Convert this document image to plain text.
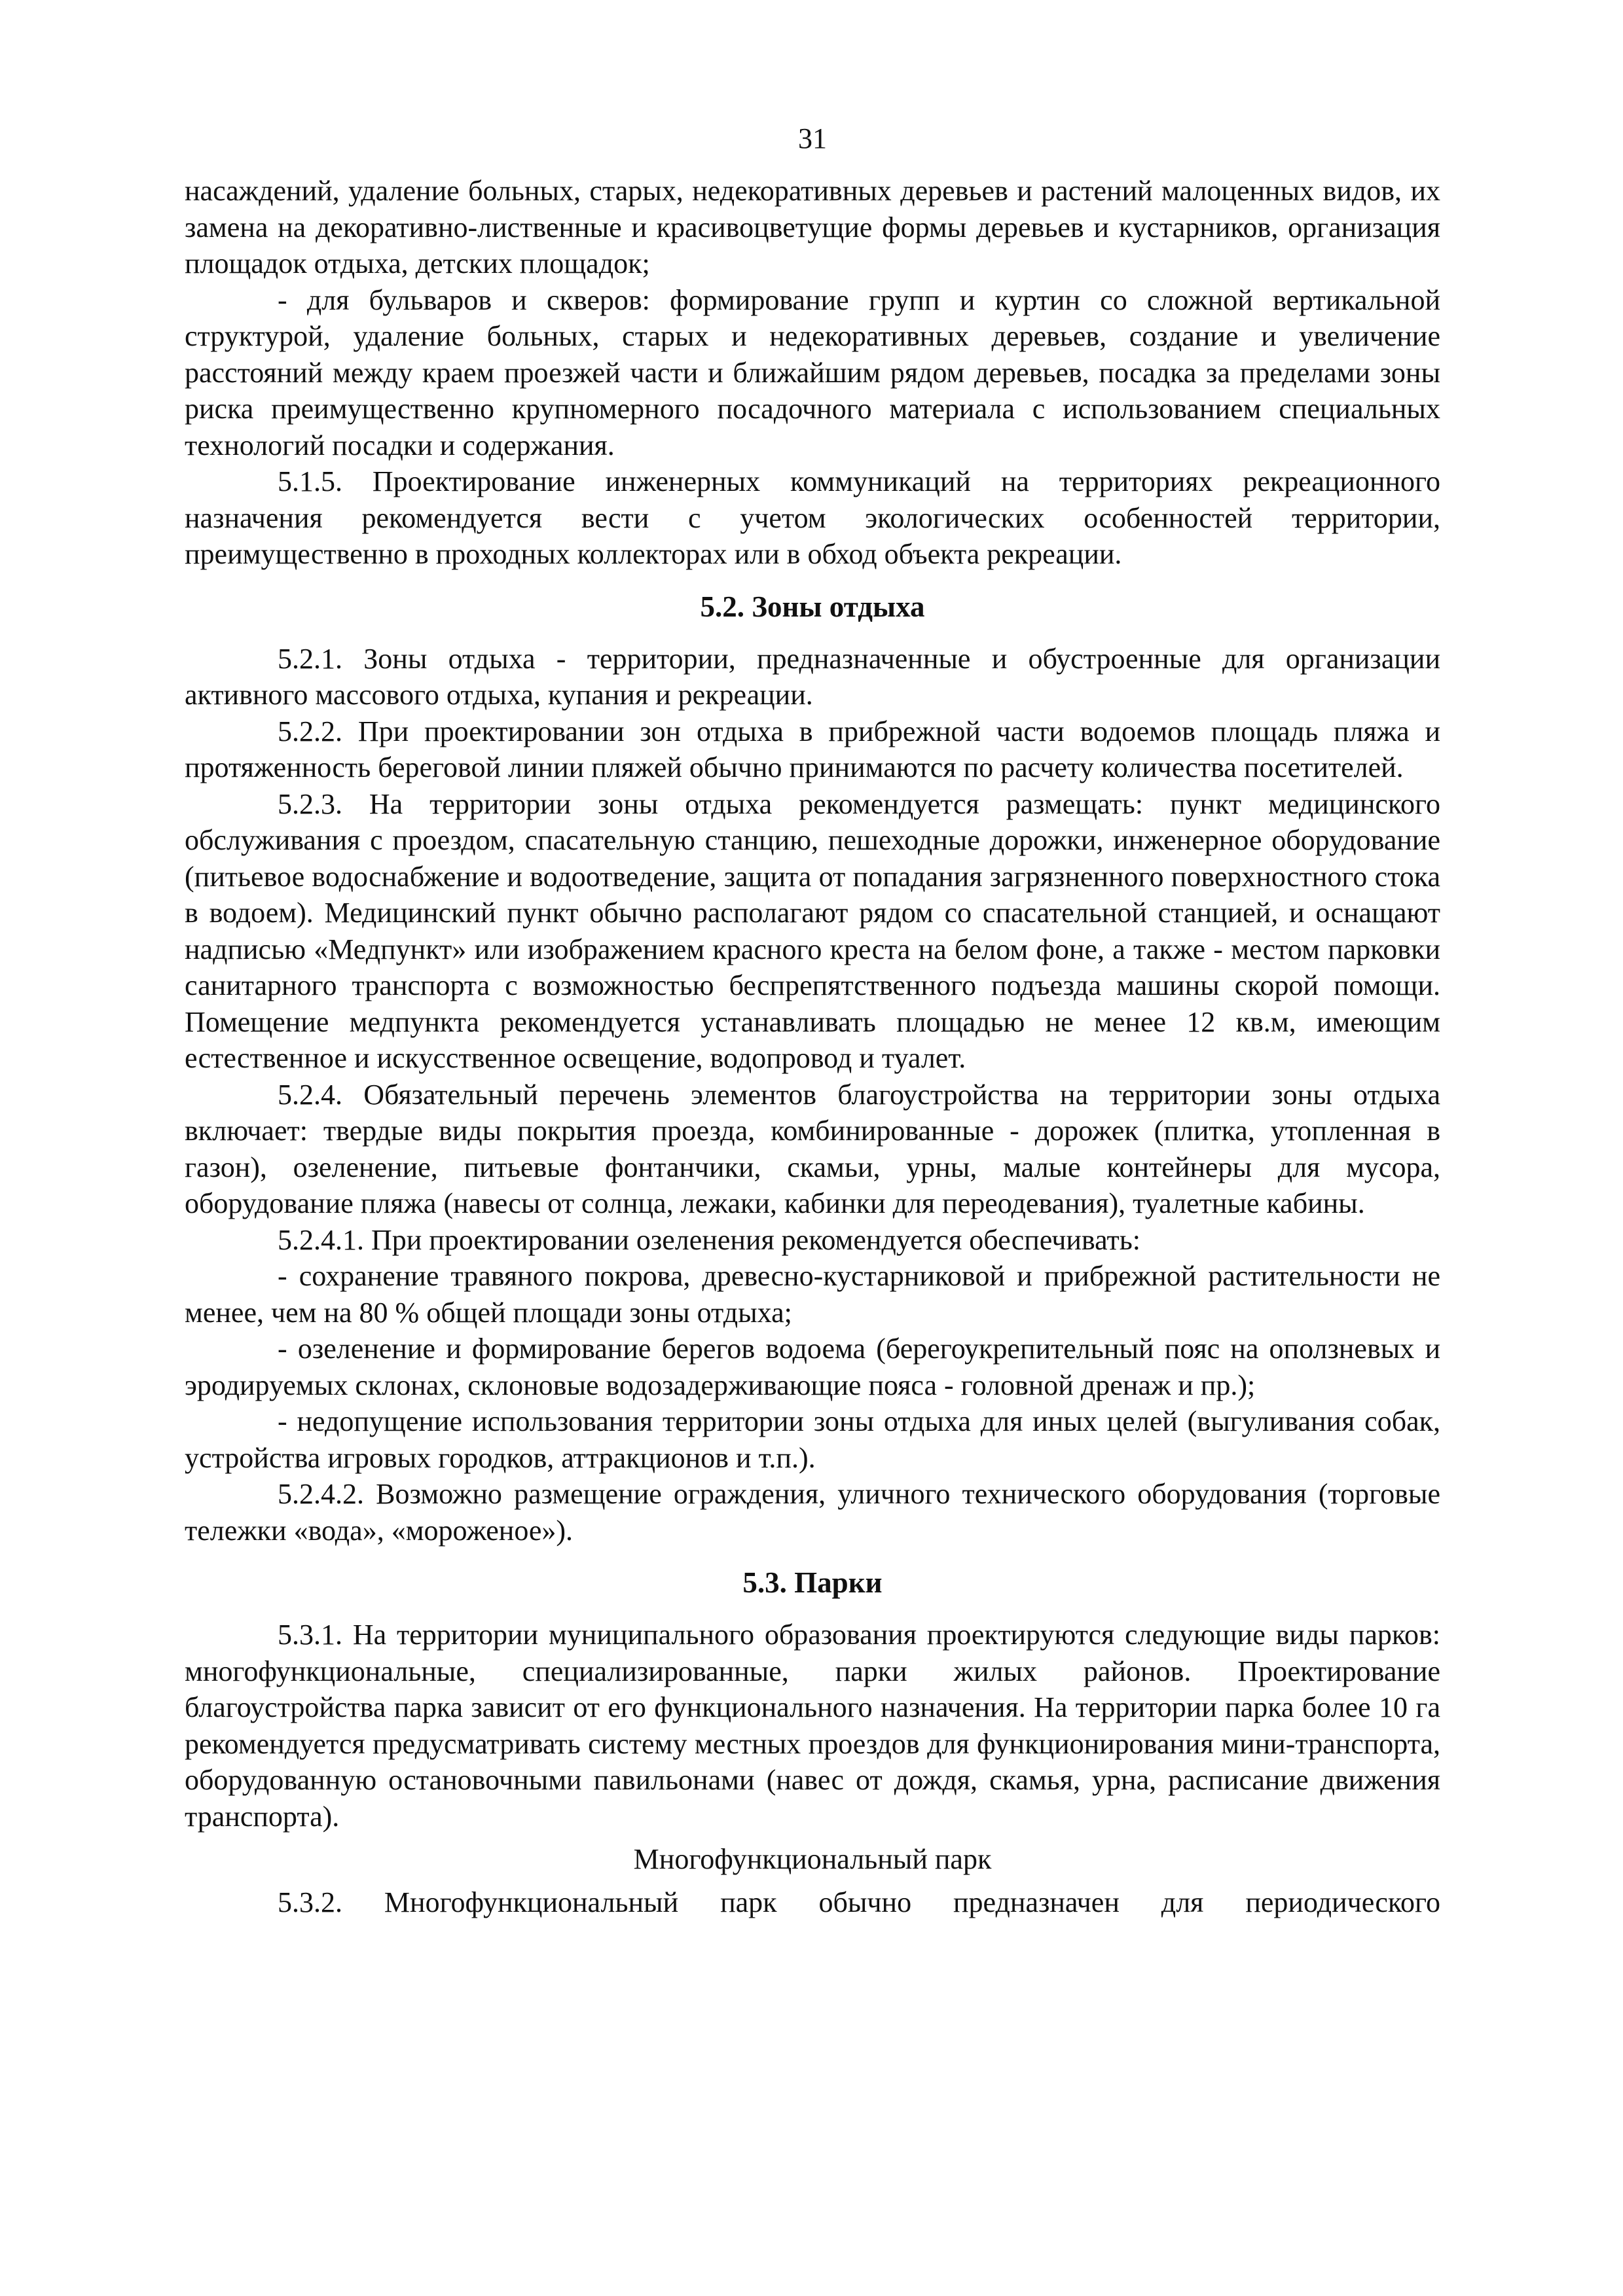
31

насаждений, удаление больных, старых, недекоративных деревьев и растений малоценных видов, их замена на декоративно-лиственные и красивоцветущие формы деревьев и кустарников, организация площадок отдыха, детских площадок;

- для бульваров и скверов: формирование групп и куртин со сложной вертикальной структурой, удаление больных, старых и недекоративных деревьев, создание и увеличение расстояний между краем проезжей части и ближайшим рядом деревьев, посадка за пределами зоны риска преимущественно крупномерного посадочного материала с использованием специальных технологий посадки и содержания.

5.1.5. Проектирование инженерных коммуникаций на территориях рекреационного назначения рекомендуется вести с учетом экологических особенностей территории, преимущественно в проходных коллекторах или в обход объекта рекреации.

5.2. Зоны отдыха

5.2.1. Зоны отдыха - территории, предназначенные и обустроенные для организации активного массового отдыха, купания и рекреации.

5.2.2. При проектировании зон отдыха в прибрежной части водоемов площадь пляжа и протяженность береговой линии пляжей обычно принимаются по расчету количества посетителей.

5.2.3. На территории зоны отдыха рекомендуется размещать: пункт медицинского обслуживания с проездом, спасательную станцию, пешеходные дорожки, инженерное оборудование (питьевое водоснабжение и водоотведение, защита от попадания загрязненного поверхностного стока в водоем). Медицинский пункт обычно располагают рядом со спасательной станцией, и оснащают надписью «Медпункт» или изображением красного креста на белом фоне, а также - местом парковки санитарного транспорта с возможностью беспрепятственного подъезда машины скорой помощи. Помещение медпункта рекомендуется устанавливать площадью не менее 12 кв.м, имеющим естественное и искусственное освещение, водопровод и туалет.

5.2.4. Обязательный перечень элементов благоустройства на территории зоны отдыха включает: твердые виды покрытия проезда, комбинированные - дорожек (плитка, утопленная в газон), озеленение, питьевые фонтанчики, скамьи, урны, малые контейнеры для мусора, оборудование пляжа (навесы от солнца, лежаки, кабинки для переодевания), туалетные кабины.

5.2.4.1. При проектировании озеленения рекомендуется обеспечивать:

- сохранение травяного покрова, древесно-кустарниковой и прибрежной растительности не менее, чем на 80 % общей площади зоны отдыха;

- озеленение и формирование берегов водоема (берегоукрепительный пояс на оползневых и эродируемых склонах, склоновые водозадерживающие пояса - головной дренаж и пр.);

- недопущение использования территории зоны отдыха для иных целей (выгуливания собак, устройства игровых городков, аттракционов и т.п.).

5.2.4.2. Возможно размещение ограждения, уличного технического оборудования (торговые тележки «вода», «мороженое»).

5.3. Парки

5.3.1. На территории муниципального образования проектируются следующие виды парков: многофункциональные, специализированные, парки жилых районов. Проектирование благоустройства парка зависит от его функционального назначения. На территории парка более 10 га рекомендуется предусматривать систему местных проездов для функционирования мини-транспорта, оборудованную остановочными павильонами (навес от дождя, скамья, урна, расписание движения транспорта).

Многофункциональный парк

5.3.2. Многофункциональный парк обычно предназначен для периодического
